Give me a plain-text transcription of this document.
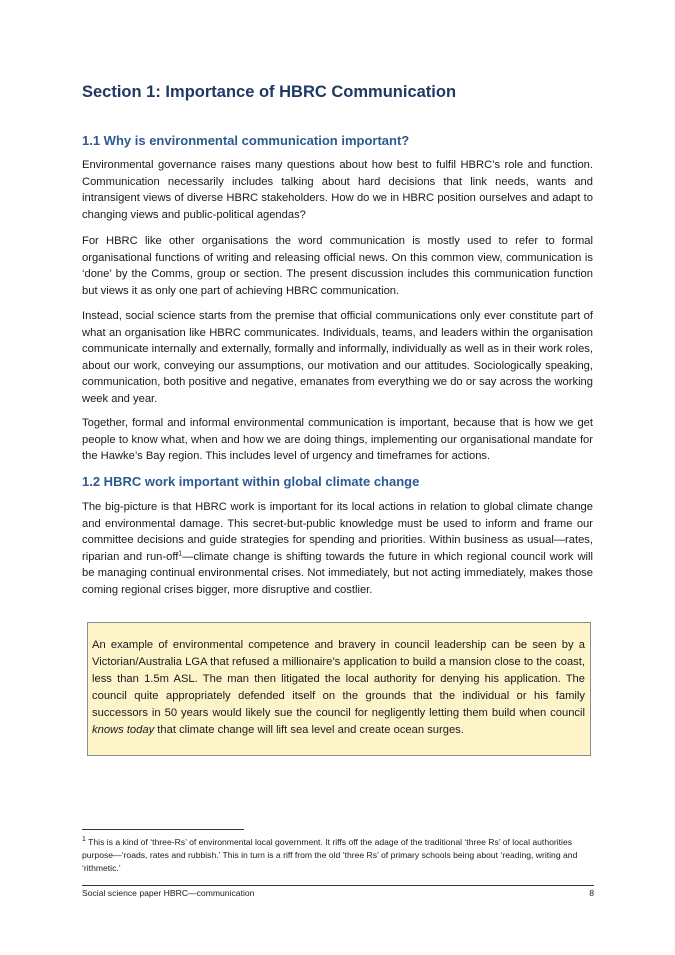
Section 1: Importance of HBRC Communication
1.1 Why is environmental communication important?

Environmental governance raises many questions about how best to fulfil HBRC’s role and function. Communication necessarily includes talking about hard decisions that link needs, wants and intransigent views of diverse HBRC stakeholders. How do we in HBRC position ourselves and adapt to changing views and public-political agendas?

For HBRC like other organisations the word communication is mostly used to refer to formal organisational functions of writing and releasing official news. On this common view, communication is ‘done’ by the Comms, group or section. The present discussion includes this communication function but views it as only one part of achieving HBRC communication.

Instead, social science starts from the premise that official communications only ever constitute part of what an organisation like HBRC communicates. Individuals, teams, and leaders within the organisation communicate internally and externally, formally and informally, individually as well as in their work roles, about our work, conveying our assumptions, our motivation and our attitudes. Sociologically speaking, communication, both positive and negative, emanates from everything we do or say across the working week and year.

Together, formal and informal environmental communication is important, because that is how we get people to know what, when and how we are doing things, implementing our organisational mandate for the Hawke’s Bay region. This includes level of urgency and timeframes for actions.

1.2 HBRC work important within global climate change

The big-picture is that HBRC work is important for its local actions in relation to global climate change and environmental damage. This secret-but-public knowledge must be used to inform and frame our committee decisions and guide strategies for spending and priorities. Within business as usual—rates, riparian and run-off$^1$—climate change is shifting towards the future in which regional council work will be managing continual environmental crises. Not immediately, but not acting immediately, makes those coming regional crises bigger, more disruptive and costlier.

An example of environmental competence and bravery in council leadership can be seen by a Victorian/Australia LGA that refused a millionaire’s application to build a mansion close to the coast, less than 1.5m ASL. The man then litigated the local authority for denying his application. The council quite appropriately defended itself on the grounds that the individual or his family successors in 50 years would likely sue the council for negligently letting them build when council knows today that climate change will lift sea level and create ocean surges.

$^1$ This is a kind of ‘three-Rs’ of environmental local government. It riffs off the adage of the traditional ‘three Rs’ of local authorities purpose—‘roads, rates and rubbish.’ This in turn is a riff from the old ‘three Rs’ of primary schools being about ‘reading, writing and ‘rithmetic.’

Social science paper HBRC—communication	8
